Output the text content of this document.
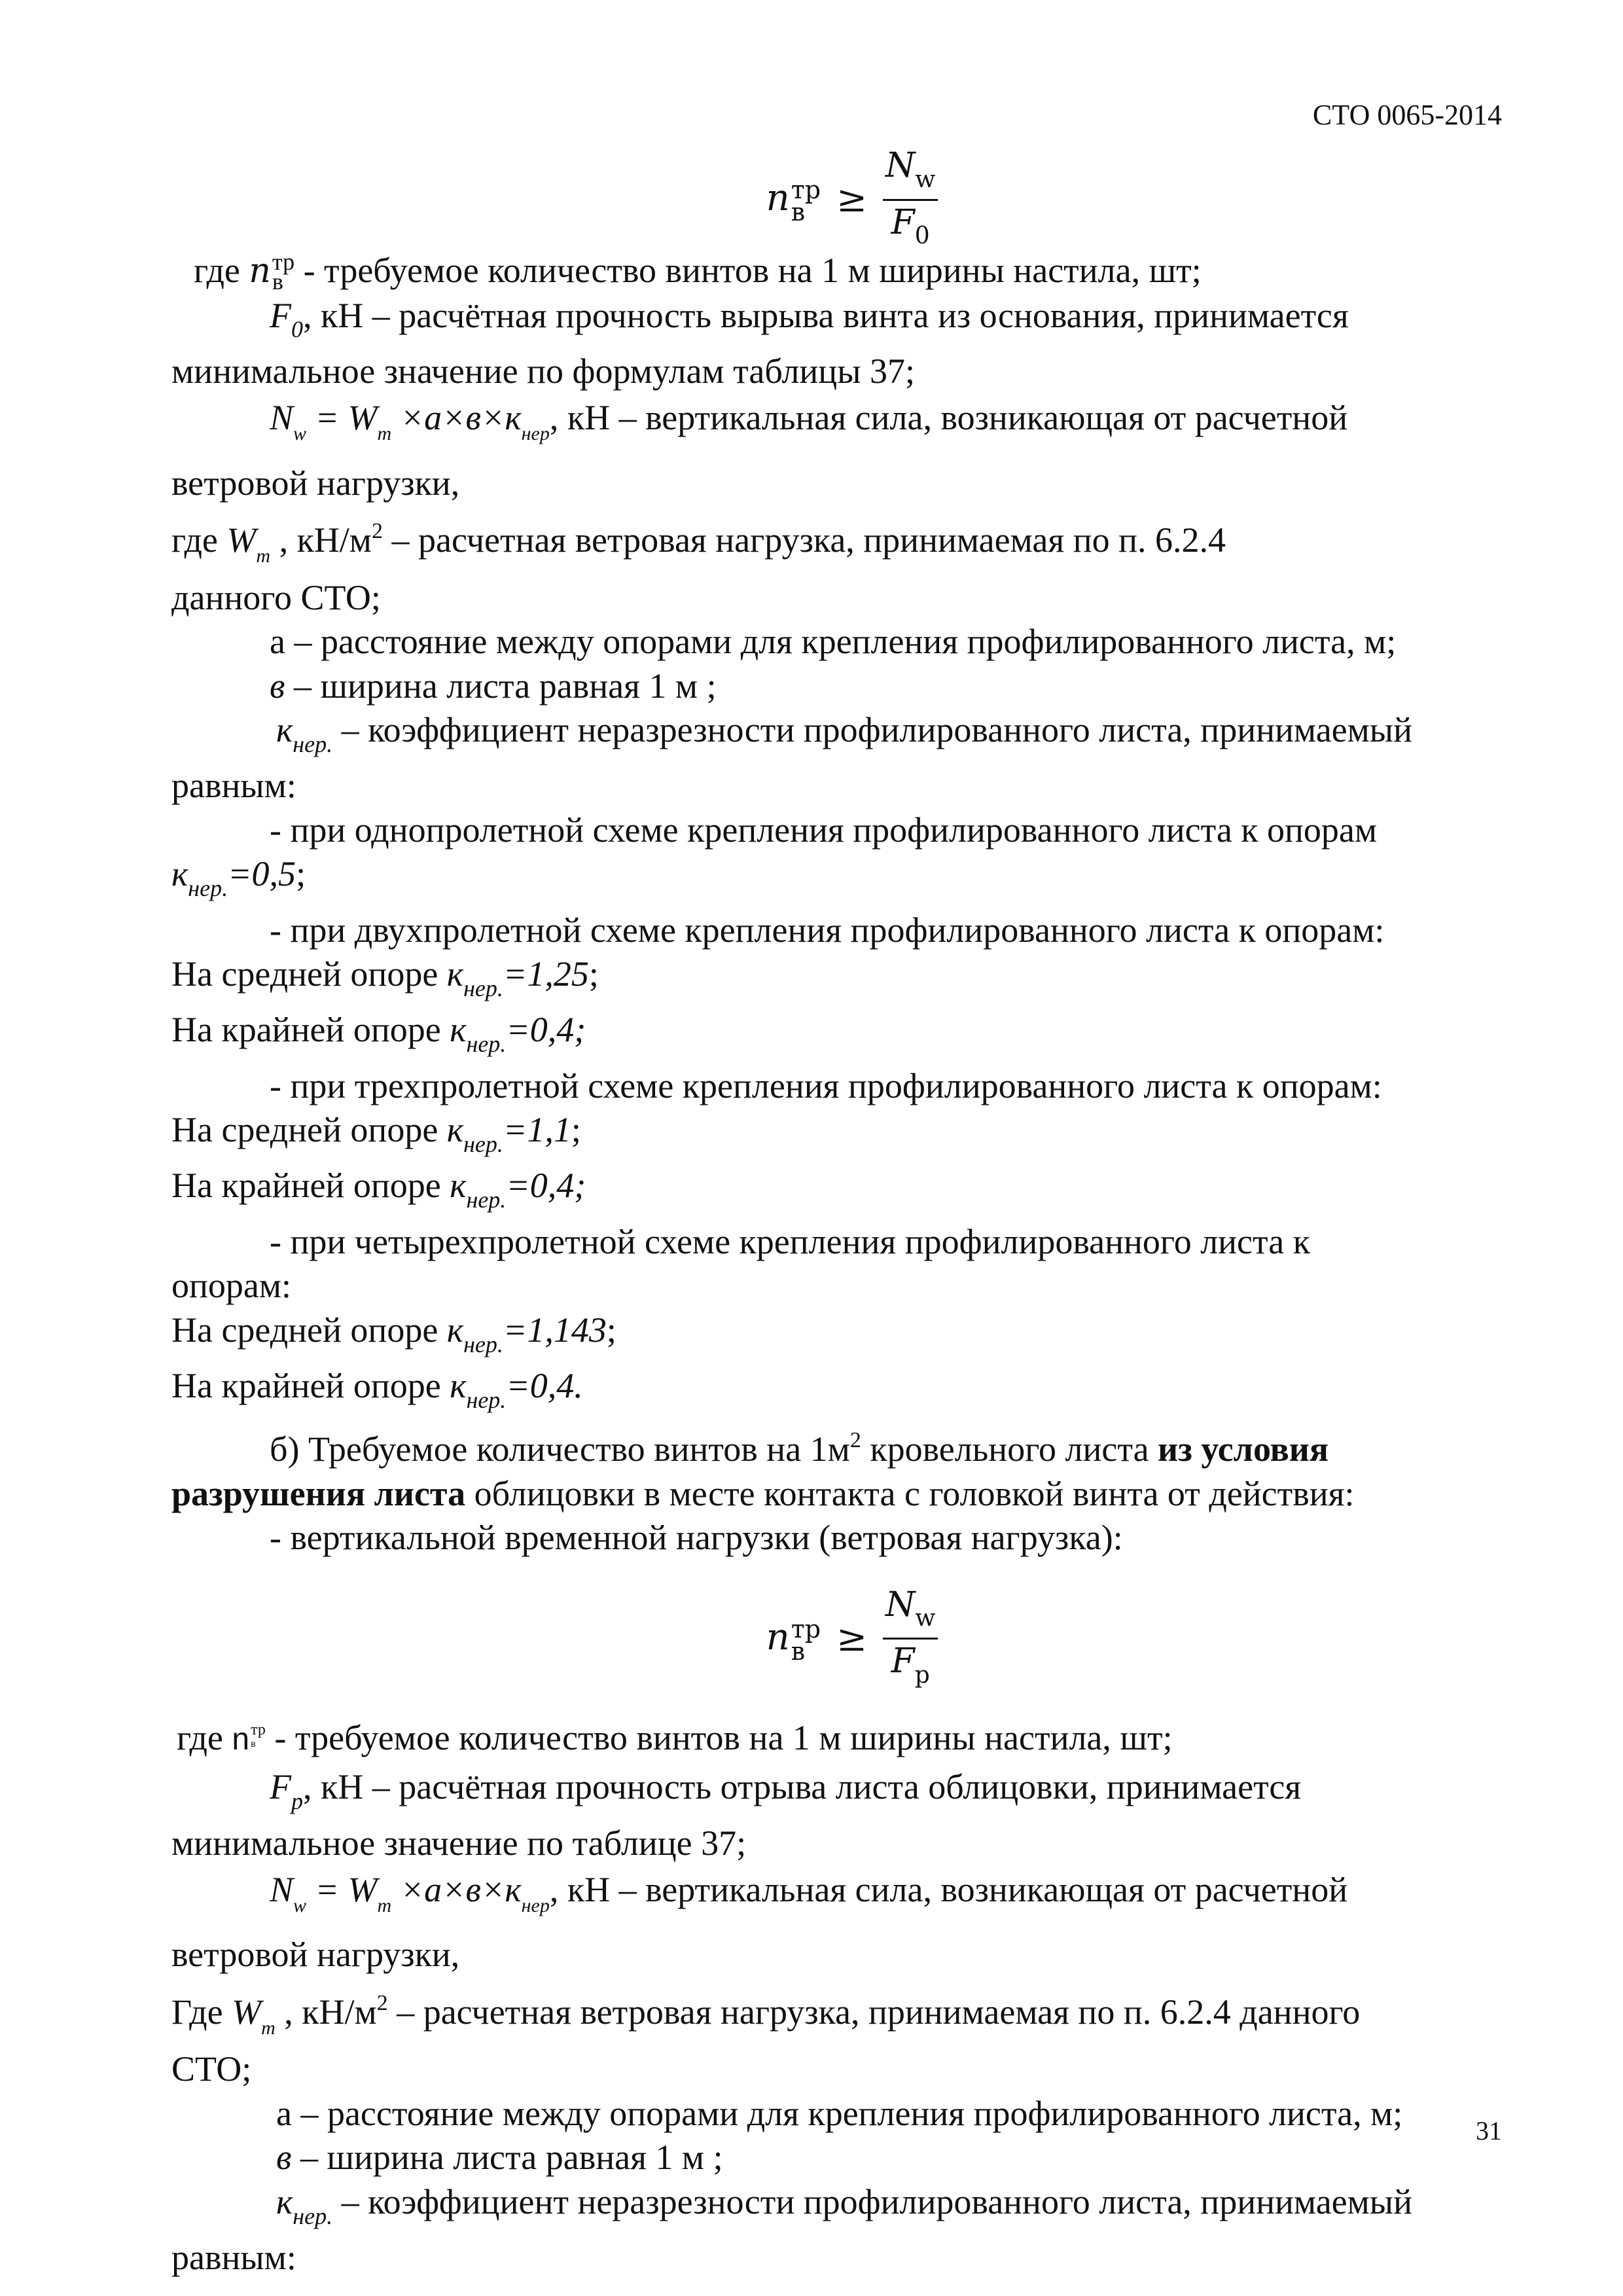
СТО 0065-2014
n тр
$в \ge \frac{N_w}{F_0}$
где n тр
в - требуемое количество винтов на 1 м ширины настила, шт;
$F_0$, кН – расчётная прочность вырыва винта из основания, принимается
минимальное значение по формулам таблицы 37;
$N_w = W_m \times a\times в\times к_{нер}$, кН – вертикальная сила, возникающая от расчетной
ветровой нагрузки,
где $W_m$ , $кН/м^2$ – расчетная ветровая нагрузка, принимаемая по п. 6.2.4
данного СТО;
а – расстояние между опорами для крепления профилированного листа, м;
в – ширина листа равная 1 м ;
$к_{нер.}$ – коэффициент неразрезности профилированного листа, принимаемый
равным:
- при однопролетной схеме крепления профилированного листа к опорам
$к_{нер.}=0,5$;
- при двухпролетной схеме крепления профилированного листа к опорам:
На средней опоре $к_{нер.}=1,25$;
На крайней опоре $к_{нер.}=0,4$;
- при трехпролетной схеме крепления профилированного листа к опорам:
На средней опоре $к_{нер.}=1,1$;
На крайней опоре $к_{нер.}=0,4$;
- при четырехпролетной схеме крепления профилированного листа к
опорам:
На средней опоре $к_{нер.}=1,143$;
На крайней опоре $к_{нер.}=0,4$.
б) Требуемое количество винтов на $1м^2$ кровельного листа из условия
разрушения листа облицовки в месте контакта с головкой винта от действия:
- вертикальной временной нагрузки (ветровая нагрузка):
n тр
$в \ge \frac{N_w}{F_p}$
где n тр
в - требуемое количество винтов на 1 м ширины настила, шт;
$F_p$, кН – расчётная прочность отрыва листа облицовки, принимается
минимальное значение по таблице 37;
$N_w = W_m \times a\times в\times к_{нер}$, кН – вертикальная сила, возникающая от расчетной
ветровой нагрузки,
Где $W_m$ , $кН/м^2$ – расчетная ветровая нагрузка, принимаемая по п. 6.2.4 данного
СТО;
а – расстояние между опорами для крепления профилированного листа, м;
в – ширина листа равная 1 м ;
$к_{нер.}$ – коэффициент неразрезности профилированного листа, принимаемый
равным:
31
